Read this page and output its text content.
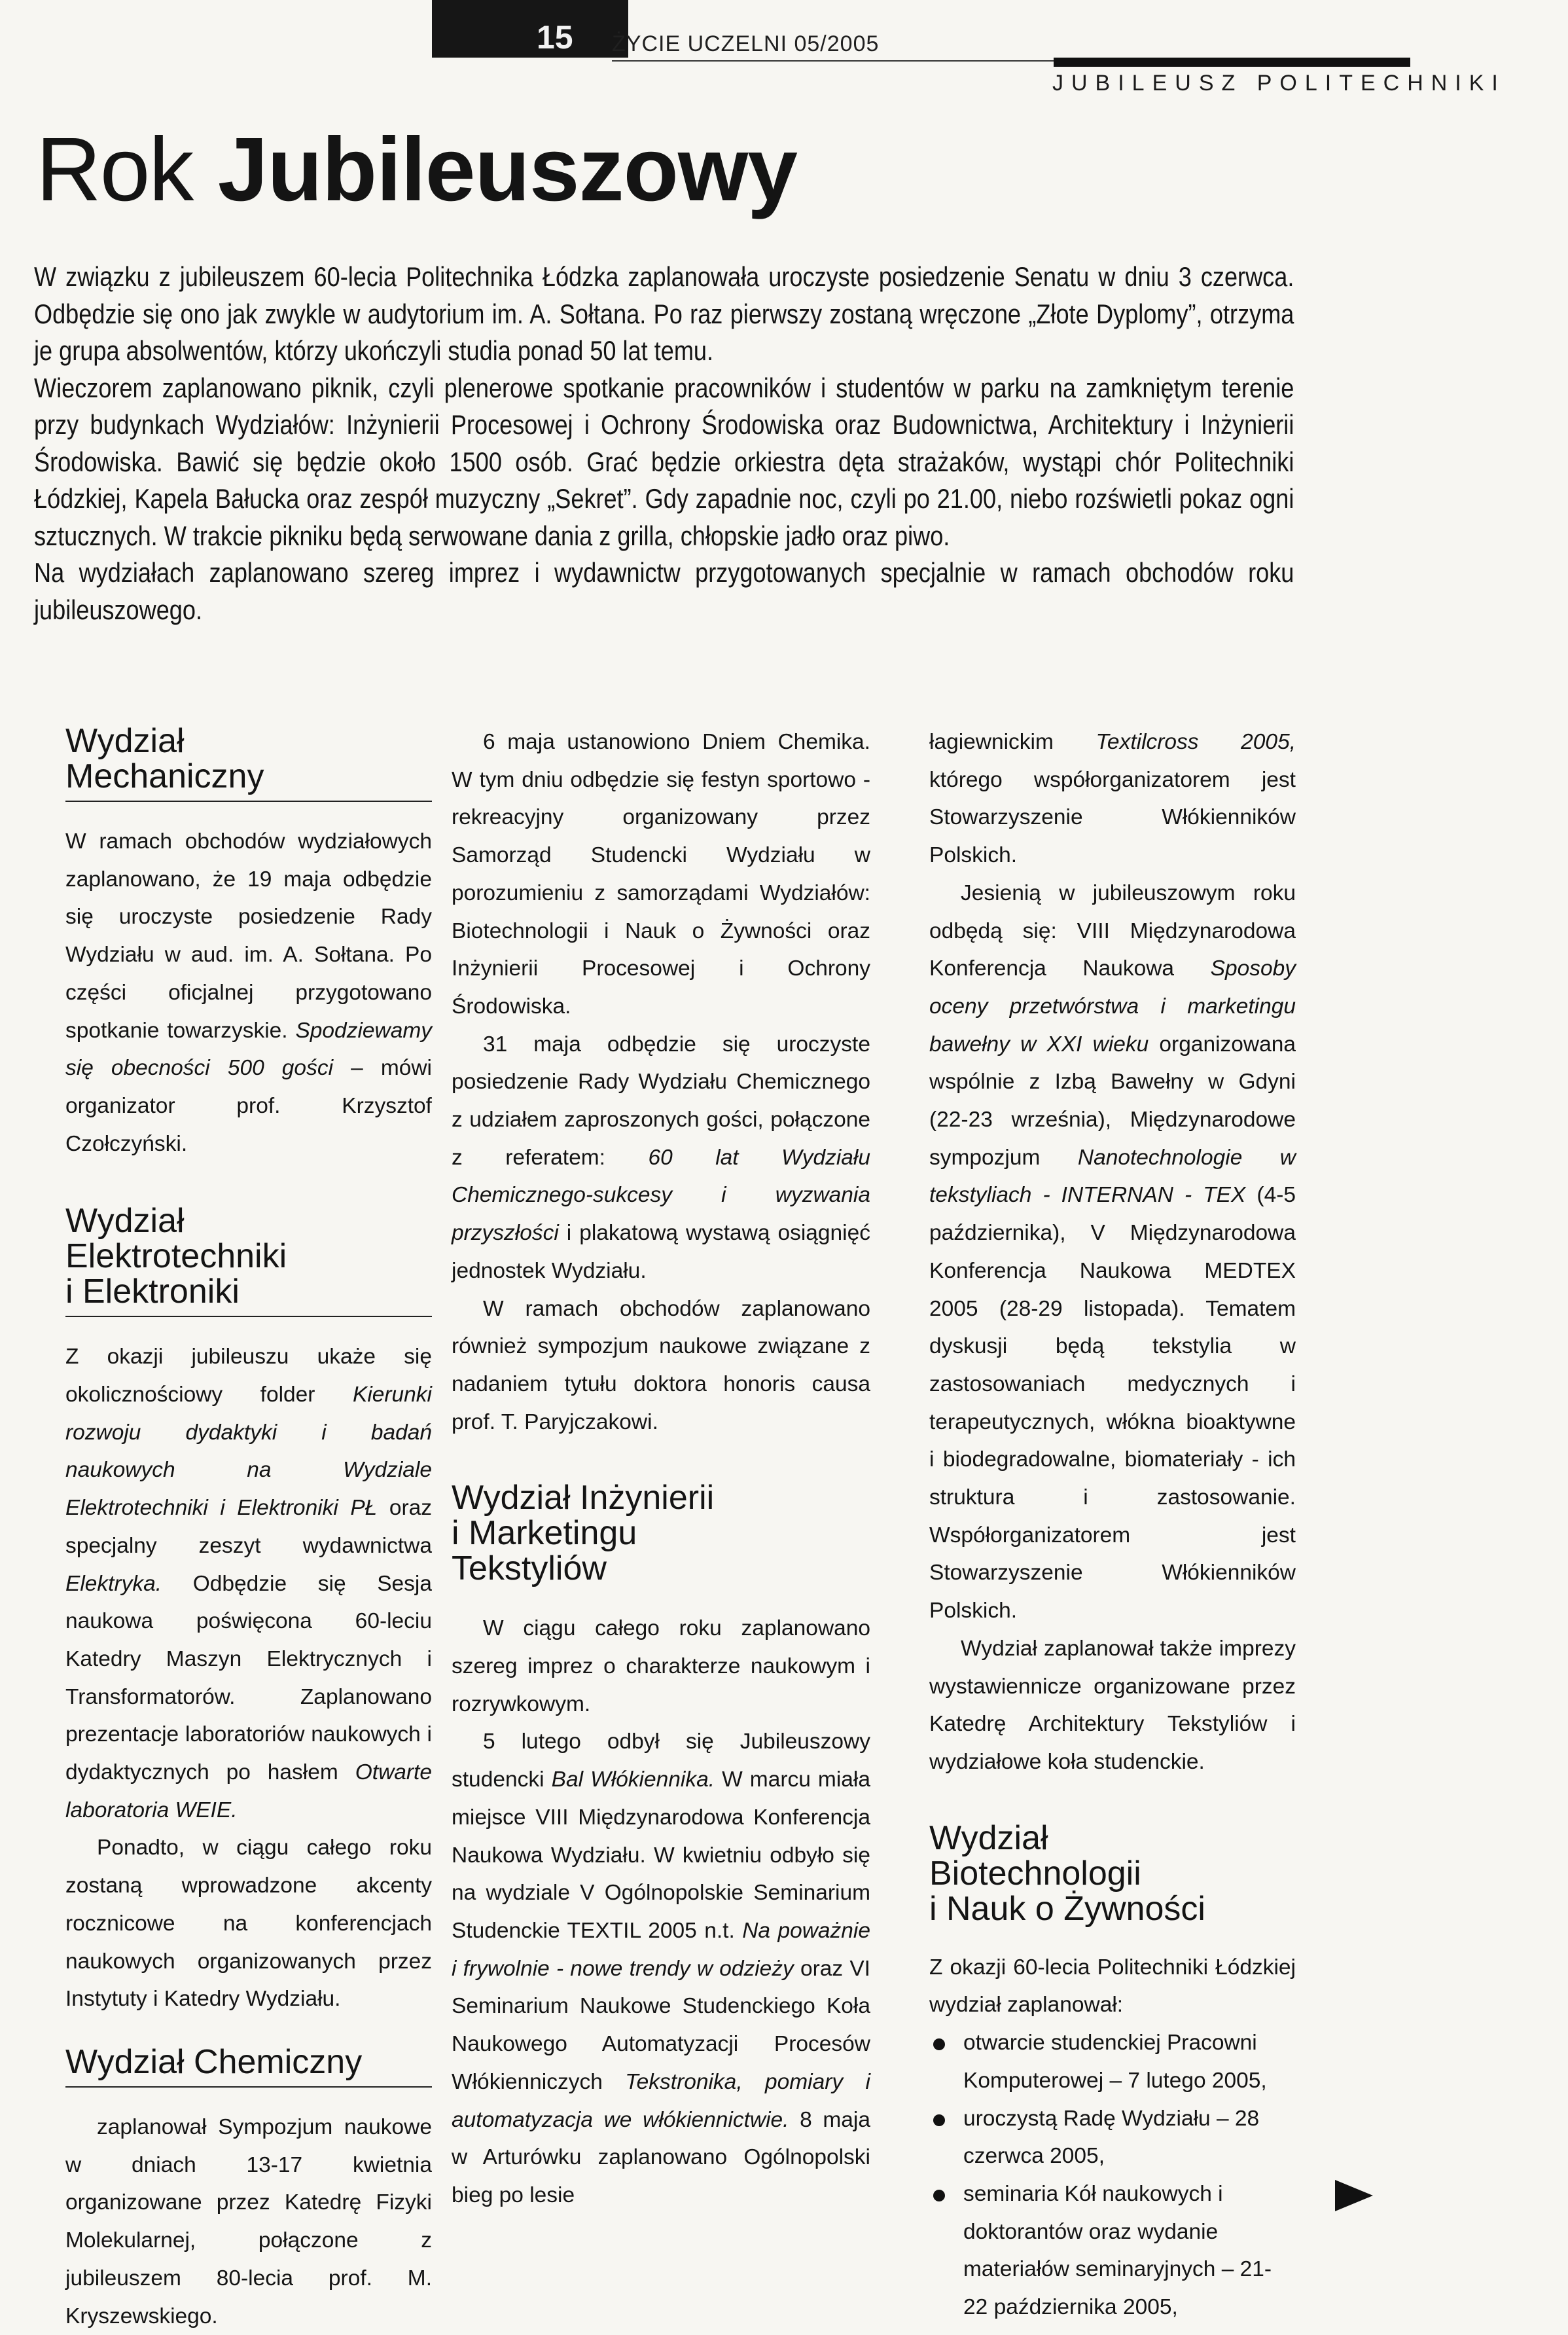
15 ŻYCIE UCZELNI 05/2005
JUBILEUSZ POLITECHNIKI
Rok Jubileuszowy

W związku z jubileuszem 60-lecia Politechnika Łódzka zaplanowała uroczyste posiedzenie Senatu w dniu 3 czerwca. Odbędzie się ono jak zwykle w audytorium im. A. Sołtana. Po raz pierwszy zostaną wręczone „Złote Dyplomy”, otrzyma je grupa absolwentów, którzy ukończyli studia ponad 50 lat temu.

Wieczorem zaplanowano piknik, czyli plenerowe spotkanie pracowników i studentów w parku na zamkniętym terenie przy budynkach Wydziałów: Inżynierii Procesowej i Ochrony Środowiska oraz Budownictwa, Architektury i Inżynierii Środowiska. Bawić się będzie około 1500 osób. Grać będzie orkiestra dęta strażaków, wystąpi chór Politechniki Łódzkiej, Kapela Bałucka oraz zespół muzyczny „Sekret”. Gdy zapadnie noc, czyli po 21.00, niebo rozświetli pokaz ogni sztucznych. W trakcie pikniku będą serwowane dania z grilla, chłopskie jadło oraz piwo.

Na wydziałach zaplanowano szereg imprez i wydawnictw przygotowanych specjalnie w ramach obchodów roku jubileuszowego.

Wydział
Mechaniczny

W ramach obchodów wydziałowych zaplanowano, że 19 maja odbędzie się uroczyste posiedzenie Rady Wydziału w aud. im. A. Sołtana. Po części oficjalnej przygotowano spotkanie towarzyskie. Spodziewamy się obecności 500 gości – mówi organizator prof. Krzysztof Czołczyński.

Wydział
Elektrotechniki
i Elektroniki

Z okazji jubileuszu ukaże się okolicznościowy folder Kierunki rozwoju dydaktyki i badań naukowych na Wydziale Elektrotechniki i Elektroniki PŁ oraz specjalny zeszyt wydawnictwa Elektryka. Odbędzie się Sesja naukowa poświęcona 60-leciu Katedry Maszyn Elektrycznych i Transformatorów. Zaplanowano prezentacje laboratoriów naukowych i dydaktycznych po hasłem Otwarte laboratoria WEIE.

Ponadto, w ciągu całego roku zostaną wprowadzone akcenty rocznicowe na konferencjach naukowych organizowanych przez Instytuty i Katedry Wydziału.

Wydział Chemiczny

zaplanował Sympozjum naukowe w dniach 13-17 kwietnia organizowane przez Katedrę Fizyki Molekularnej, połączone z jubileuszem 80-lecia prof. M. Kryszewskiego.

6 maja ustanowiono Dniem Chemika. W tym dniu odbędzie się festyn sportowo - rekreacyjny organizowany przez Samorząd Studencki Wydziału w porozumieniu z samorządami Wydziałów: Biotechnologii i Nauk o Żywności oraz Inżynierii Procesowej i Ochrony Środowiska.

31 maja odbędzie się uroczyste posiedzenie Rady Wydziału Chemicznego z udziałem zaproszonych gości, połączone z referatem: 60 lat Wydziału Chemicznego-sukcesy i wyzwania przyszłości i plakatową wystawą osiągnięć jednostek Wydziału.

W ramach obchodów zaplanowano również sympozjum naukowe związane z nadaniem tytułu doktora honoris causa prof. T. Paryjczakowi.

Wydział Inżynierii
i Marketingu
Tekstyliów

W ciągu całego roku zaplanowano szereg imprez o charakterze naukowym i rozrywkowym.

5 lutego odbył się Jubileuszowy studencki Bal Włókiennika. W marcu miała miejsce VIII Międzynarodowa Konferencja Naukowa Wydziału. W kwietniu odbyło się na wydziale V Ogólnopolskie Seminarium Studenckie TEXTIL 2005 n.t. Na poważnie i frywolnie - nowe trendy w odzieży oraz VI Seminarium Naukowe Studenckiego Koła Naukowego Automatyzacji Procesów Włókienniczych Tekstronika, pomiary i automatyzacja we włókiennictwie. 8 maja w Arturówku zaplanowano Ogólnopolski bieg po lesie

łagiewnickim Textilcross 2005, którego współorganizatorem jest Stowarzyszenie Włókienników Polskich.

Jesienią w jubileuszowym roku odbędą się: VIII Międzynarodowa Konferencja Naukowa Sposoby oceny przetwórstwa i marketingu bawełny w XXI wieku organizowana wspólnie z Izbą Bawełny w Gdyni (22-23 września), Międzynarodowe sympozjum Nanotechnologie w tekstyliach - INTERNAN - TEX (4-5 października), V Międzynarodowa Konferencja Naukowa MEDTEX 2005 (28-29 listopada). Tematem dyskusji będą tekstylia w zastosowaniach medycznych i terapeutycznych, włókna bioaktywne i biodegradowalne, biomateriały - ich struktura i zastosowanie. Współorganizatorem jest Stowarzyszenie Włókienników Polskich.

Wydział zaplanował także imprezy wystawiennicze organizowane przez Katedrę Architektury Tekstyliów i wydziałowe koła studenckie.

Wydział
Biotechnologii
i Nauk o Żywności

Z okazji 60-lecia Politechniki Łódzkiej wydział zaplanował:

otwarcie studenckiej Pracowni Komputerowej – 7 lutego 2005,
uroczystą Radę Wydziału – 28 czerwca 2005,
seminaria Kół naukowych i doktorantów oraz wydanie materiałów seminaryjnych – 21-22 października 2005,
